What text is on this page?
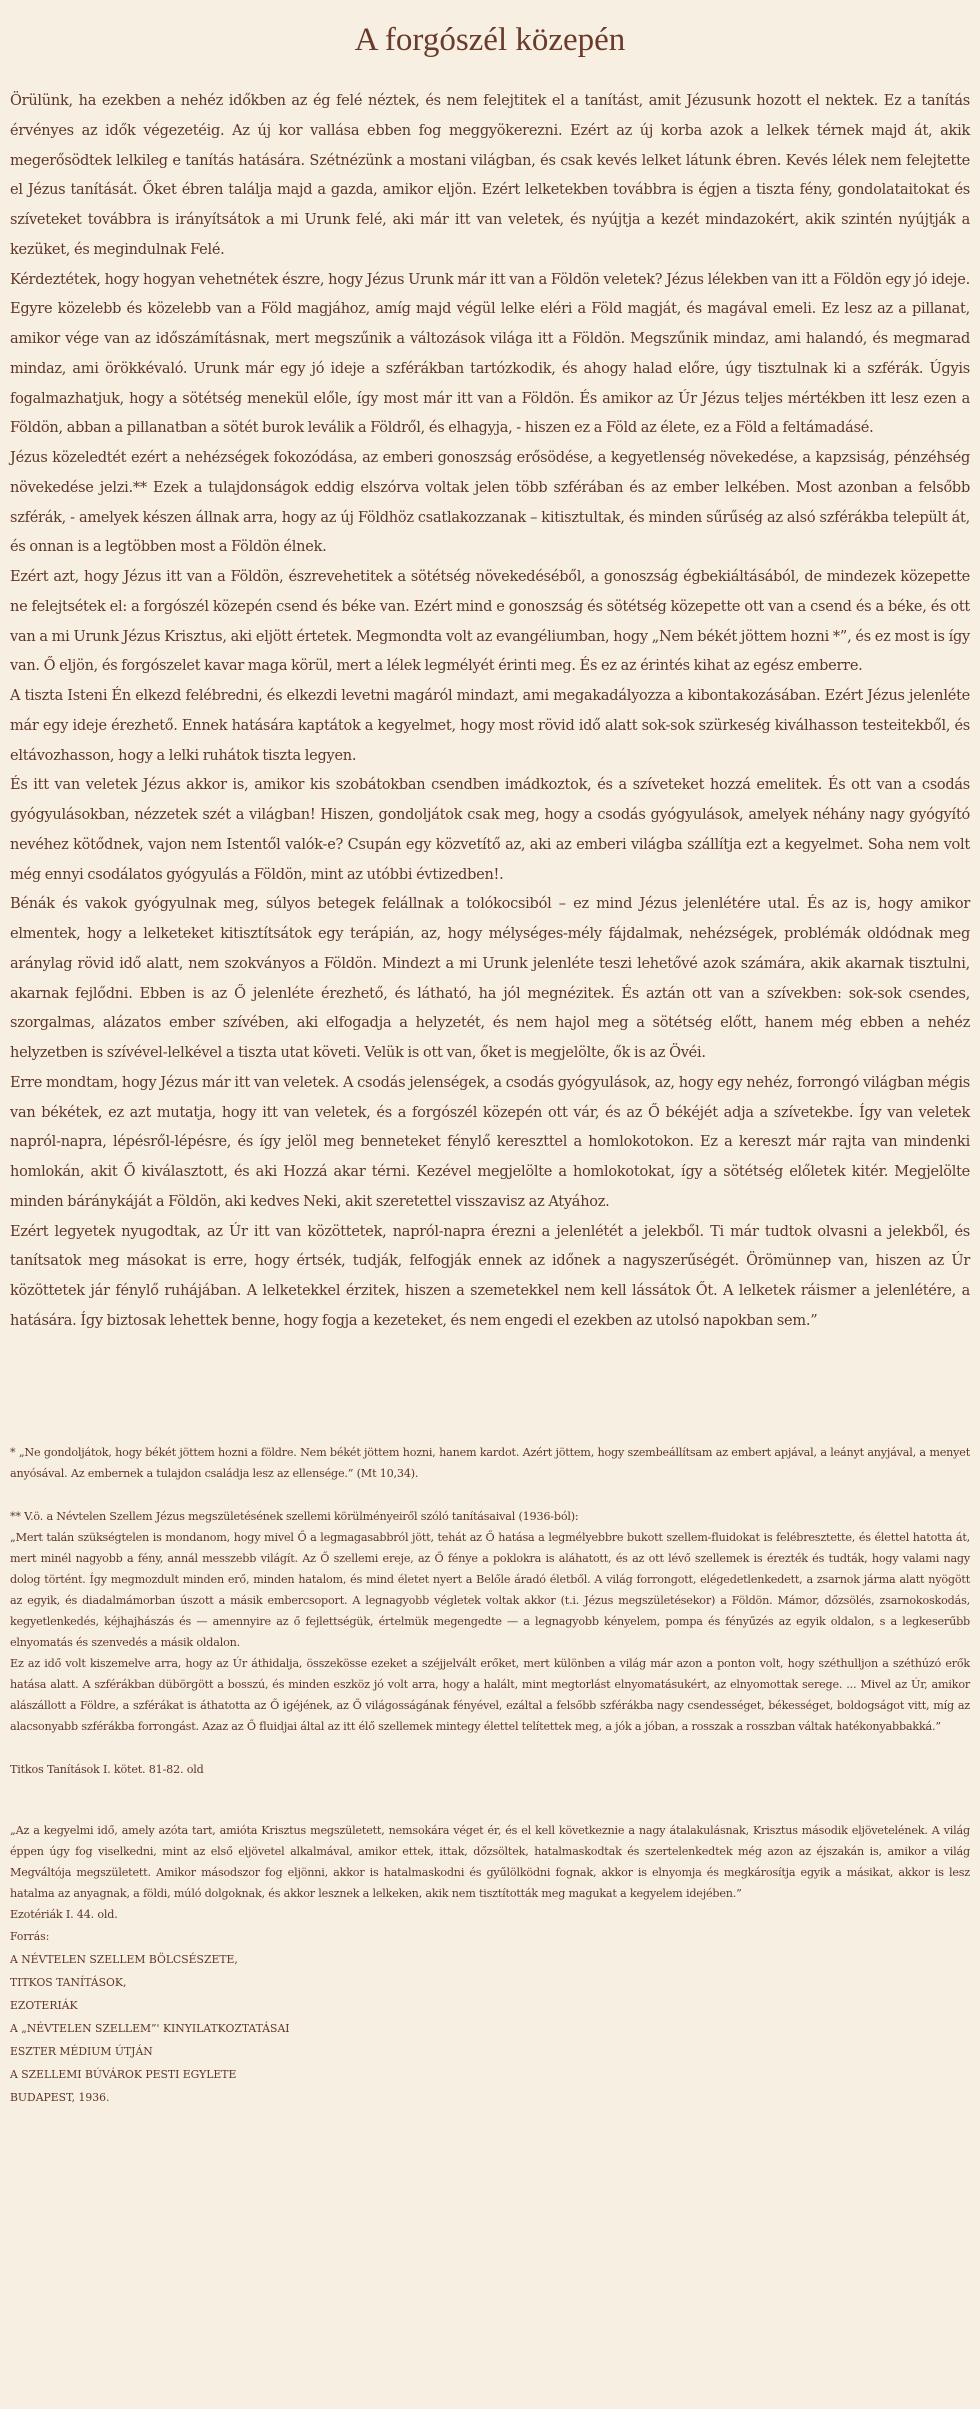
A forgószél közepén

Örülünk, ha ezekben a nehéz időkben az ég felé néztek, és nem felejtitek el a tanítást, amit Jézusunk hozott el nektek. Ez a tanítás érvényes az idők végezetéig. Az új kor vallása ebben fog meggyökerezni. Ezért az új korba azok a lelkek térnek majd át, akik megerősödtek lelkileg e tanítás hatására. Szétnézünk a mostani világban, és csak kevés lelket látunk ébren. Kevés lélek nem felejtette el Jézus tanítását. Őket ébren találja majd a gazda, amikor eljön. Ezért lelketekben továbbra is égjen a tiszta fény, gondolataitokat és szíveteket továbbra is irányítsátok a mi Urunk felé, aki már itt van veletek, és nyújtja a kezét mindazokért, akik szintén nyújtják a kezüket, és megindulnak Felé.

Kérdeztétek, hogy hogyan vehetnétek észre, hogy Jézus Urunk már itt van a Földön veletek? Jézus lélekben van itt a Földön egy jó ideje. Egyre közelebb és közelebb van a Föld magjához, amíg majd végül lelke eléri a Föld magját, és magával emeli. Ez lesz az a pillanat, amikor vége van az időszámításnak, mert megszűnik a változások világa itt a Földön. Megszűnik mindaz, ami halandó, és megmarad mindaz, ami örökkévaló. Urunk már egy jó ideje a szférákban tartózkodik, és ahogy halad előre, úgy tisztulnak ki a szférák. Úgyis fogalmazhatjuk, hogy a sötétség menekül előle, így most már itt van a Földön. És amikor az Úr Jézus teljes mértékben itt lesz ezen a Földön, abban a pillanatban a sötét burok leválik a Földről, és elhagyja, - hiszen ez a Föld az élete, ez a Föld a feltámadásé.

Jézus közeledtét ezért a nehézségek fokozódása, az emberi gonoszság erősödése, a kegyetlenség növekedése, a kapzsiság, pénzéhség növekedése jelzi.** Ezek a tulajdonságok eddig elszórva voltak jelen több szférában és az ember lelkében. Most azonban a felsőbb szférák, - amelyek készen állnak arra, hogy az új Földhöz csatlakozzanak – kitisztultak, és minden sűrűség az alsó szférákba települt át, és onnan is a legtöbben most a Földön élnek.

Ezért azt, hogy Jézus itt van a Földön, észrevehetitek a sötétség növekedéséből, a gonoszság égbekiáltásából, de mindezek közepette ne felejtsétek el: a forgószél közepén csend és béke van. Ezért mind e gonoszság és sötétség közepette ott van a csend és a béke, és ott van a mi Urunk Jézus Krisztus, aki eljött értetek. Megmondta volt az evangéliumban, hogy „Nem békét jöttem hozni *”, és ez most is így van. Ő eljön, és forgószelet kavar maga körül, mert a lélek legmélyét érinti meg. És ez az érintés kihat az egész emberre.

A tiszta Isteni Én elkezd felébredni, és elkezdi levetni magáról mindazt, ami megakadályozza a kibontakozásában. Ezért Jézus jelenléte már egy ideje érezhető. Ennek hatására kaptátok a kegyelmet, hogy most rövid idő alatt sok-sok szürkeség kiválhasson testeitekből, és eltávozhasson, hogy a lelki ruhátok tiszta legyen.

És itt van veletek Jézus akkor is, amikor kis szobátokban csendben imádkoztok, és a szíveteket hozzá emelitek. És ott van a csodás gyógyulásokban, nézzetek szét a világban! Hiszen, gondoljátok csak meg, hogy a csodás gyógyulások, amelyek néhány nagy gyógyító nevéhez kötődnek, vajon nem Istentől valók-e? Csupán egy közvetítő az, aki az emberi világba szállítja ezt a kegyelmet. Soha nem volt még ennyi csodálatos gyógyulás a Földön, mint az utóbbi évtizedben!.

Bénák és vakok gyógyulnak meg, súlyos betegek felállnak a tolókocsiból – ez mind Jézus jelenlétére utal. És az is, hogy amikor elmentek, hogy a lelketeket kitisztítsátok egy terápián, az, hogy mélységes-mély fájdalmak, nehézségek, problémák oldódnak meg aránylag rövid idő alatt, nem szokványos a Földön. Mindezt a mi Urunk jelenléte teszi lehetővé azok számára, akik akarnak tisztulni, akarnak fejlődni. Ebben is az Ő jelenléte érezhető, és látható, ha jól megnézitek. És aztán ott van a szívekben: sok-sok csendes, szorgalmas, alázatos ember szívében, aki elfogadja a helyzetét, és nem hajol meg a sötétség előtt, hanem még ebben a nehéz helyzetben is szívével-lelkével a tiszta utat követi. Velük is ott van, őket is megjelölte, ők is az Övéi.

Erre mondtam, hogy Jézus már itt van veletek. A csodás jelenségek, a csodás gyógyulások, az, hogy egy nehéz, forrongó világban mégis van békétek, ez azt mutatja, hogy itt van veletek, és a forgószél közepén ott vár, és az Ő békéjét adja a szívetekbe. Így van veletek napról-napra, lépésről-lépésre, és így jelöl meg benneteket fénylő kereszttel a homlokotokon. Ez a kereszt már rajta van mindenki homlokán, akit Ő kiválasztott, és aki Hozzá akar térni. Kezével megjelölte a homlokotokat, így a sötétség előletek kitér. Megjelölte minden báránykáját a Földön, aki kedves Neki, akit szeretettel visszavisz az Atyához.

Ezért legyetek nyugodtak, az Úr itt van közöttetek, napról-napra érezni a jelenlétét a jelekből. Ti már tudtok olvasni a jelekből, és tanítsatok meg másokat is erre, hogy értsék, tudják, felfogják ennek az időnek a nagyszerűségét. Örömünnep van, hiszen az Úr közöttetek jár fénylő ruhájában. A lelketekkel érzitek, hiszen a szemetekkel nem kell lássátok Őt. A lelketek ráismer a jelenlétére, a hatására. Így biztosak lehettek benne, hogy fogja a kezeteket, és nem engedi el ezekben az utolsó napokban sem.”

* „Ne gondoljátok, hogy békét jöttem hozni a földre. Nem békét jöttem hozni, hanem kardot. Azért jöttem, hogy szembeállítsam az embert apjával, a leányt anyjával, a menyet anyósával. Az embernek a tulajdon családja lesz az ellensége.” (Mt 10,34).

** V.ö. a Névtelen Szellem Jézus megszületésének szellemi körülményeiről szóló tanításaival (1936-ból):

„Mert talán szükségtelen is mondanom, hogy mivel Ő a legmagasabbról jött, tehát az Ő hatása a legmélyebbre bukott szellem-fluidokat is felébresztette, és élettel hatotta át, mert minél nagyobb a fény, annál messzebb világít. Az Ő szellemi ereje, az Ő fénye a poklokra is aláhatott, és az ott lévő szellemek is érezték és tudták, hogy valami nagy dolog történt. Így megmozdult minden erő, minden hatalom, és mind életet nyert a Belőle áradó életből. A világ forrongott, elégedetlenkedett, a zsarnok járma alatt nyögött az egyik, és diadalmámorban úszott a másik embercsoport. A legnagyobb végletek voltak akkor (t.i. Jézus megszületésekor) a Földön. Mámor, dőzsölés, zsarnokoskodás, kegyetlenkedés, kéjhajhászás és — amennyire az ő fejlettségük, értelmük megengedte — a legnagyobb kényelem, pompa és fényűzés az egyik oldalon, s a legkeserűbb elnyomatás és szenvedés a másik oldalon.

Ez az idő volt kiszemelve arra, hogy az Úr áthidalja, összekösse ezeket a széjjelvált erőket, mert különben a világ már azon a ponton volt, hogy széthulljon a széthúzó erők hatása alatt. A szférákban dübörgött a bosszú, és minden eszköz jó volt arra, hogy a halált, mint megtorlást elnyomatásukért, az elnyomottak serege. ... Mivel az Úr, amikor alászállott a Földre, a szférákat is áthatotta az Ő igéjének, az Ő világosságának fényével, ezáltal a felsőbb szférákba nagy csendességet, békességet, boldogságot vitt, míg az alacsonyabb szférákba forrongást. Azaz az Ő fluidjai által az itt élő szellemek mintegy élettel telítettek meg, a jók a jóban, a rosszak a rosszban váltak hatékonyabbakká.”

Titkos Tanítások I. kötet. 81-82. old

„Az a kegyelmi idő, amely azóta tart, amióta Krisztus megszületett, nemsokára véget ér, és el kell következnie a nagy átalakulásnak, Krisztus második eljövetelének. A világ éppen úgy fog viselkedni, mint az első eljövetel alkalmával, amikor ettek, ittak, dőzsöltek, hatalmaskodtak és szertelenkedtek még azon az éjszakán is, amikor a világ Megváltója megszületett. Amikor másodszor fog eljönni, akkor is hatalmaskodni és gyűlölködni fognak, akkor is elnyomja és megkárosítja egyik a másikat, akkor is lesz hatalma az anyagnak, a földi, múló dolgoknak, és akkor lesznek a lelkeken, akik nem tisztították meg magukat a kegyelem idejében.”

Ezotériák I. 44. old.

Forrás:

A NÉVTELEN SZELLEM BÖLCSÉSZETE,

TITKOS TANÍTÁSOK,

EZOTERIÁK

A „NÉVTELEN SZELLEM”' KINYILATKOZTATÁSAI

ESZTER MÉDIUM ÚTJÁN

A SZELLEMI BÚVÁROK PESTI EGYLETE

BUDAPEST, 1936.
